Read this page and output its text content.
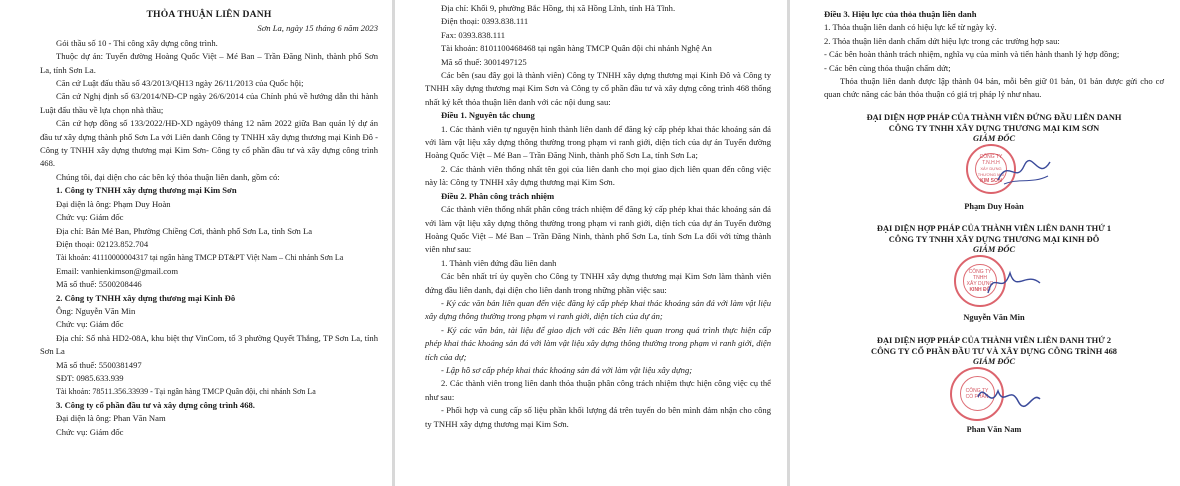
THỎA THUẬN LIÊN DANH
Sơn La, ngày 15 tháng 6 năm 2023
Gói thầu số 10 - Thi công xây dựng công trình.
Thuộc dự án: Tuyến đường Hoàng Quốc Việt – Mé Ban – Trần Đăng Ninh, thành phố Sơn La, tỉnh Sơn La.
Căn cứ Luật đấu thầu số 43/2013/QH13 ngày 26/11/2013 của Quốc hội;
Căn cứ Nghị định số 63/2014/NĐ-CP ngày 26/6/2014 của Chính phủ về hướng dẫn thi hành Luật đấu thầu về lựa chọn nhà thầu;
Căn cứ hợp đồng số 133/2022/HĐ-XD ngày09 tháng 12 năm 2022 giữa Ban quản lý dự án đầu tư xây dựng thành phố Sơn La với Liên danh Công ty TNHH xây dựng thương mại Kinh Đô - Công ty TNHH xây dựng thương mại Kim Sơn- Công ty cổ phần đầu tư và xây dựng công trình 468.
Chúng tôi, đại diện cho các bên ký thỏa thuận liên danh, gồm có:
1. Công ty TNHH xây dựng thương mại Kim Sơn
Đại diện là ông: Phạm Duy Hoàn
Chức vụ: Giám đốc
Địa chỉ: Bản Mé Ban, Phường Chiềng Cơi, thành phố Sơn La, tỉnh Sơn La
Điện thoại: 02123.852.704
Tài khoản: 41110000004317 tại ngân hàng TMCP ĐT&PT Việt Nam – Chi nhánh Sơn La
Email: vanhienkimson@gmail.com
Mã số thuế: 5500208446
2. Công ty TNHH xây dựng thương mại Kinh Đô
Ông: Nguyễn Văn Min
Chức vụ: Giám đốc
Địa chỉ: Số nhà HD2-08A, khu biệt thự VinCom, tổ 3 phường Quyết Thắng, TP Sơn La, tỉnh Sơn La
Mã số thuế: 5500381497
SĐT: 0985.633.939
Tài khoản: 78511.356.33939 - Tại ngân hàng TMCP Quân đội, chi nhánh Sơn La
3. Công ty cổ phần đầu tư và xây dựng công trình 468.
Đại diện là ông: Phan Văn Nam
Chức vụ: Giám đốc
Địa chỉ: Khối 9, phường Bắc Hồng, thị xã Hồng Lĩnh, tỉnh Hà Tĩnh.
Điện thoại: 0393.838.111
Fax: 0393.838.111
Tài khoản: 8101100468468 tại ngân hàng TMCP Quân đội chi nhánh Nghệ An
Mã số thuế: 3001497125
Các bên (sau đây gọi là thành viên) Công ty TNHH xây dựng thương mại Kinh Đô và Công ty TNHH xây dựng thương mại Kim Sơn và Công ty cổ phần đầu tư và xây dựng công trình 468 thống nhất ký kết thỏa thuận liên danh với các nội dung sau:
Điều 1. Nguyên tắc chung
1. Các thành viên tự nguyện hình thành liên danh để đăng ký cấp phép khai thác khoáng sản đá với làm vật liệu xây dựng thông thường trong phạm vi ranh giới, diện tích của dự án Tuyến đường Hoàng Quốc Việt – Mé Ban – Trần Đăng Ninh, thành phố Sơn La, tỉnh Sơn La;
2. Các thành viên thống nhất tên gọi của liên danh cho mọi giao dịch liên quan đến công việc này là: Công ty TNHH xây dựng thương mại Kim Sơn.
Điều 2. Phân công trách nhiệm
Các thành viên thống nhất phân công trách nhiệm để đăng ký cấp phép khai thác khoáng sản đá với làm vật liệu xây dựng thông thường trong phạm vi ranh giới, diện tích của dự án Tuyến đường Hoàng Quốc Việt – Mé Ban – Trần Đăng Ninh, thành phố Sơn La, tỉnh Sơn La đối với từng thành viên như sau:
1. Thành viên đứng đầu liên danh
Các bên nhất trí ủy quyền cho Công ty TNHH xây dựng thương mại Kim Sơn làm thành viên đứng đầu liên danh, đại diện cho liên danh trong những phần việc sau:
- Ký các văn bản liên quan đến việc đăng ký cấp phép khai thác khoáng sản đá với làm vật liệu xây dựng thông thường trong phạm vi ranh giới, diện tích của dự án;
- Ký các văn bản, tài liệu để giao dịch với các Bên liên quan trong quá trình thực hiện cấp phép khai thác khoáng sản đá với làm vật liệu xây dựng thông thường trong phạm vi ranh giới, diện tích của dự;
- Lập hồ sơ cấp phép khai thác khoáng sản đá với làm vật liệu xây dựng;
2. Các thành viên trong liên danh thỏa thuận phân công trách nhiệm thực hiện công việc cụ thể như sau:
- Phối hợp và cung cấp số liệu phần khối lượng đá trên tuyến do bên mình đảm nhận cho công ty TNHH xây dựng thương mại Kim Sơn.
Điều 3. Hiệu lực của thỏa thuận liên danh
1. Thỏa thuận liên danh có hiệu lực kể từ ngày ký.
2. Thỏa thuận liên danh chấm dứt hiệu lực trong các trường hợp sau:
- Các bên hoàn thành trách nhiệm, nghĩa vụ của mình và tiến hành thanh lý hợp đồng;
- Các bên cùng thỏa thuận chấm dứt;
Thỏa thuận liên danh được lập thành 04 bản, mỗi bên giữ 01 bản, 01 bản được gửi cho cơ quan chức năng các bản thỏa thuận có giá trị pháp lý như nhau.
ĐẠI DIỆN HỢP PHÁP CỦA THÀNH VIÊN ĐỨNG ĐẦU LIÊN DANH
CÔNG TY TNHH XÂY DỰNG THƯƠNG MẠI KIM SƠN
GIÁM ĐỐC
CÔNG TY
T.N.H.H
XÂY DỰNG THƯƠNG MẠI
KIM SƠN
Phạm Duy Hoàn
ĐẠI DIỆN HỢP PHÁP CỦA THÀNH VIÊN LIÊN DANH THỨ 1
CÔNG TY TNHH XÂY DỰNG THƯƠNG MẠI KINH ĐÔ
GIÁM ĐỐC
CÔNG TY
TNHH
XÂY DỰNG
KINH ĐÔ
Nguyễn Văn Min
ĐẠI DIỆN HỢP PHÁP CỦA THÀNH VIÊN LIÊN DANH THỨ 2
CÔNG TY CỔ PHẦN ĐẦU TƯ VÀ XÂY DỰNG CÔNG TRÌNH 468
GIÁM ĐỐC
CÔNG TY
CỔ PHẦN
Phan Văn Nam
